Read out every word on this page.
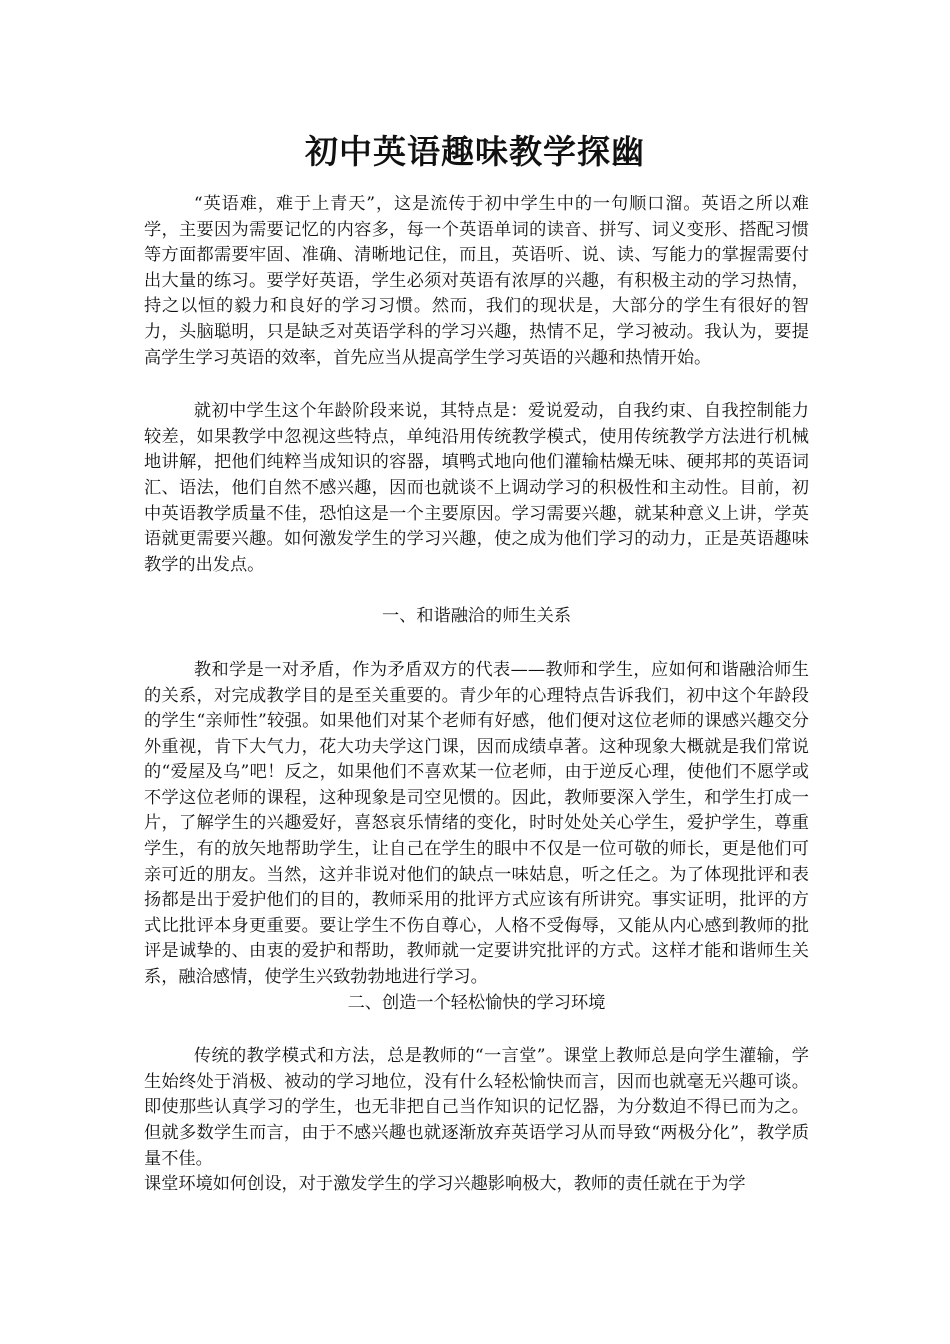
初中英语趣味教学探幽

“英语难，难于上青天”，这是流传于初中学生中的一句顺口溜。英语之所以难学，主要因为需要记忆的内容多，每一个英语单词的读音、拼写、词义变形、搭配习惯等方面都需要牢固、准确、清晰地记住，而且，英语听、说、读、写能力的掌握需要付出大量的练习。要学好英语，学生必须对英语有浓厚的兴趣，有积极主动的学习热情，持之以恒的毅力和良好的学习习惯。然而，我们的现状是，大部分的学生有很好的智力，头脑聪明，只是缺乏对英语学科的学习兴趣，热情不足，学习被动。我认为，要提高学生学习英语的效率，首先应当从提高学生学习英语的兴趣和热情开始。

就初中学生这个年龄阶段来说，其特点是：爱说爱动，自我约束、自我控制能力较差，如果教学中忽视这些特点，单纯沿用传统教学模式，使用传统教学方法进行机械地讲解，把他们纯粹当成知识的容器，填鸭式地向他们灌输枯燥无味、硬邦邦的英语词汇、语法，他们自然不感兴趣，因而也就谈不上调动学习的积极性和主动性。目前，初中英语教学质量不佳，恐怕这是一个主要原因。学习需要兴趣，就某种意义上讲，学英语就更需要兴趣。如何激发学生的学习兴趣，使之成为他们学习的动力，正是英语趣味教学的出发点。

一、和谐融洽的师生关系

教和学是一对矛盾，作为矛盾双方的代表——教师和学生，应如何和谐融洽师生的关系，对完成教学目的是至关重要的。青少年的心理特点告诉我们，初中这个年龄段的学生“亲师性”较强。如果他们对某个老师有好感，他们便对这位老师的课感兴趣交分外重视，肯下大气力，花大功夫学这门课，因而成绩卓著。这种现象大概就是我们常说的“爱屋及乌”吧！反之，如果他们不喜欢某一位老师，由于逆反心理，使他们不愿学或不学这位老师的课程，这种现象是司空见惯的。因此，教师要深入学生，和学生打成一片，了解学生的兴趣爱好，喜怒哀乐情绪的变化，时时处处关心学生，爱护学生，尊重学生，有的放矢地帮助学生，让自己在学生的眼中不仅是一位可敬的师长，更是他们可亲可近的朋友。当然，这并非说对他们的缺点一味姑息，听之任之。为了体现批评和表扬都是出于爱护他们的目的，教师采用的批评方式应该有所讲究。事实证明，批评的方式比批评本身更重要。要让学生不伤自尊心，人格不受侮辱，又能从内心感到教师的批评是诚挚的、由衷的爱护和帮助，教师就一定要讲究批评的方式。这样才能和谐师生关系，融洽感情，使学生兴致勃勃地进行学习。

二、创造一个轻松愉快的学习环境

传统的教学模式和方法，总是教师的“一言堂”。课堂上教师总是向学生灌输，学生始终处于消极、被动的学习地位，没有什么轻松愉快而言，因而也就毫无兴趣可谈。即使那些认真学习的学生，也无非把自己当作知识的记忆器，为分数迫不得已而为之。但就多数学生而言，由于不感兴趣也就逐渐放弃英语学习从而导致“两极分化”，教学质量不佳。

课堂环境如何创设，对于激发学生的学习兴趣影响极大，教师的责任就在于为学
